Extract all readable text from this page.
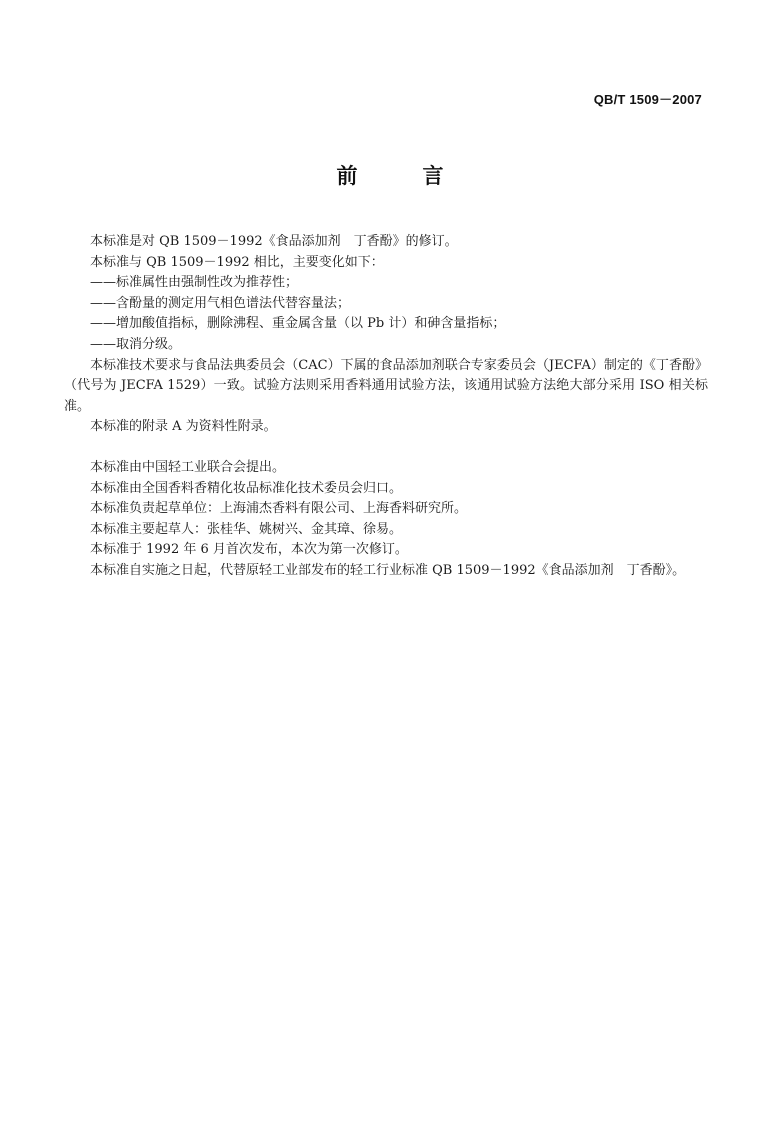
QB/T 1509－2007
前　言

本标准是对 QB 1509－1992《食品添加剂　丁香酚》的修订。

本标准与 QB 1509－1992 相比，主要变化如下：

——标准属性由强制性改为推荐性；

——含酚量的测定用气相色谱法代替容量法；

——增加酸值指标，删除沸程、重金属含量（以 Pb 计）和砷含量指标；

——取消分级。

本标准技术要求与食品法典委员会（CAC）下属的食品添加剂联合专家委员会（JECFA）制定的《丁香酚》（代号为 JECFA 1529）一致。试验方法则采用香料通用试验方法，该通用试验方法绝大部分采用 ISO 相关标准。

本标准的附录 A 为资料性附录。

本标准由中国轻工业联合会提出。

本标准由全国香料香精化妆品标准化技术委员会归口。

本标准负责起草单位：上海浦杰香料有限公司、上海香料研究所。

本标准主要起草人：张桂华、姚树兴、金其璋、徐易。

本标准于 1992 年 6 月首次发布，本次为第一次修订。

本标准自实施之日起，代替原轻工业部发布的轻工行业标准 QB 1509－1992《食品添加剂　丁香酚》。
